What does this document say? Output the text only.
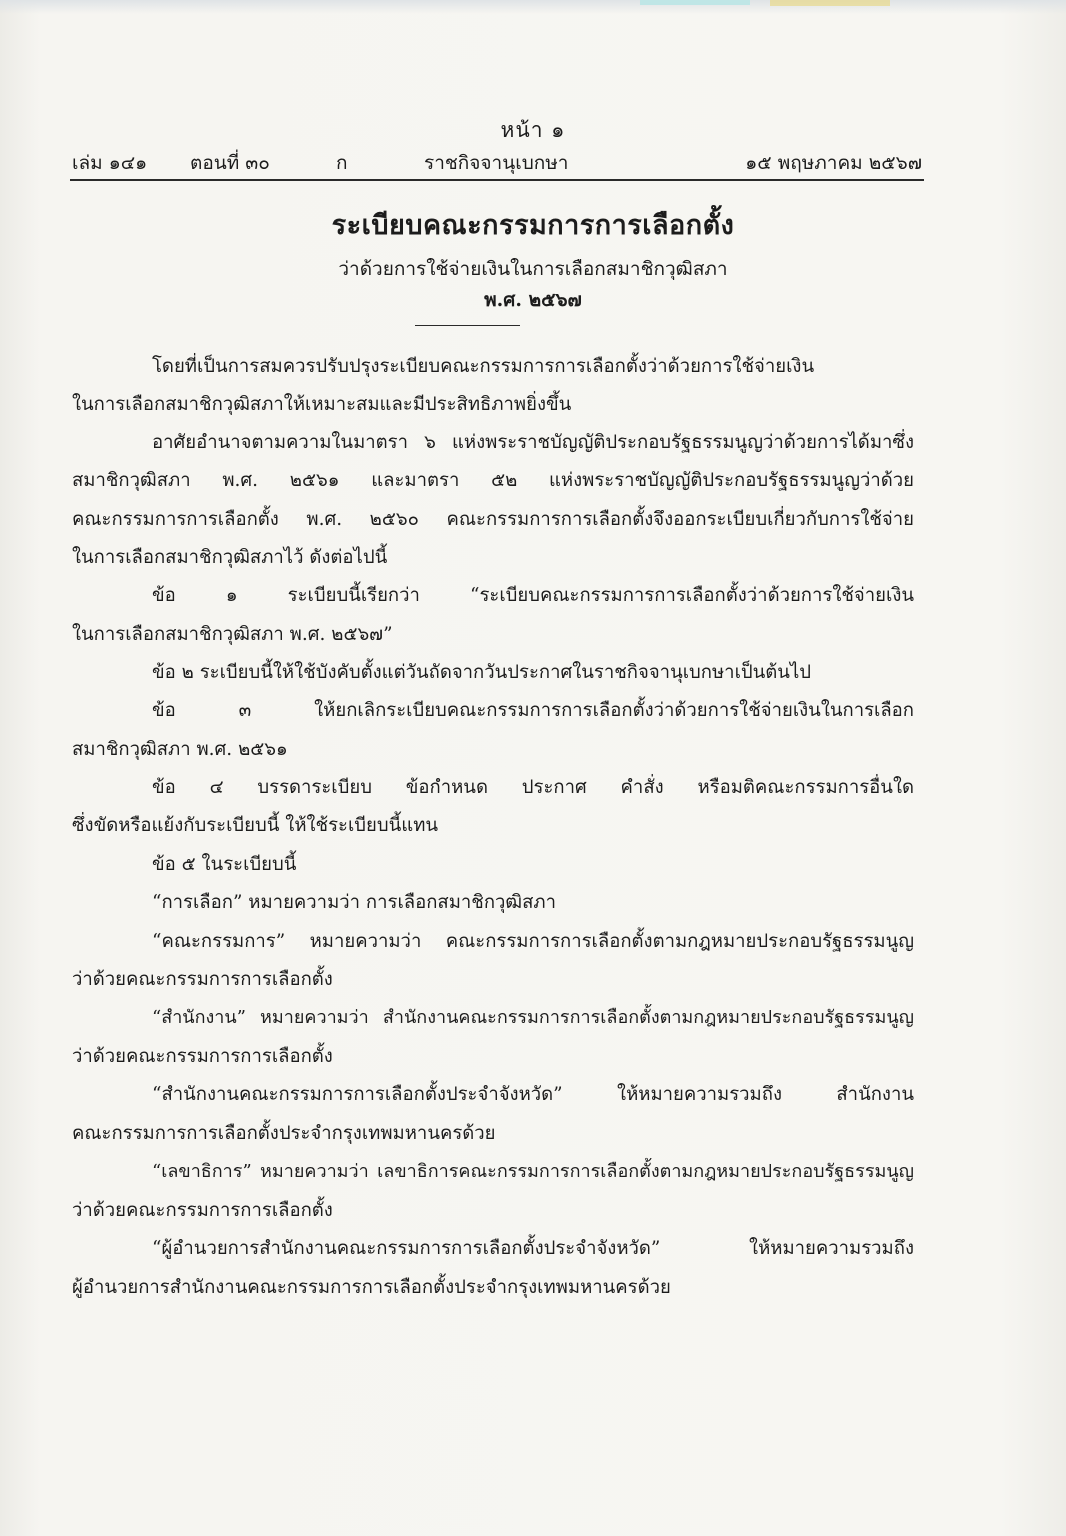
หน้า ๑
เล่ม ๑๔๑ ตอนที่ ๓๐	ก	ราชกิจจานุเบกษา	๑๕ พฤษภาคม ๒๕๖๗
ระเบียบคณะกรรมการการเลือกตั้ง
ว่าด้วยการใช้จ่ายเงินในการเลือกสมาชิกวุฒิสภา
พ.ศ. ๒๕๖๗
โดยที่เป็นการสมควรปรับปรุงระเบียบคณะกรรมการการเลือกตั้งว่าด้วยการใช้จ่ายเงิน
ในการเลือกสมาชิกวุฒิสภาให้เหมาะสมและมีประสิทธิภาพยิ่งขึ้น
อาศัยอำนาจตามความในมาตรา ๖ แห่งพระราชบัญญัติประกอบรัฐธรรมนูญว่าด้วยการได้มาซึ่ง
สมาชิกวุฒิสภา พ.ศ. ๒๕๖๑ และมาตรา ๕๒ แห่งพระราชบัญญัติประกอบรัฐธรรมนูญว่าด้วย
คณะกรรมการการเลือกตั้ง พ.ศ. ๒๕๖๐ คณะกรรมการการเลือกตั้งจึงออกระเบียบเกี่ยวกับการใช้จ่าย
ในการเลือกสมาชิกวุฒิสภาไว้ ดังต่อไปนี้
ข้อ ๑ ระเบียบนี้เรียกว่า “ระเบียบคณะกรรมการการเลือกตั้งว่าด้วยการใช้จ่ายเงิน
ในการเลือกสมาชิกวุฒิสภา พ.ศ. ๒๕๖๗”
ข้อ ๒ ระเบียบนี้ให้ใช้บังคับตั้งแต่วันถัดจากวันประกาศในราชกิจจานุเบกษาเป็นต้นไป
ข้อ ๓ ให้ยกเลิกระเบียบคณะกรรมการการเลือกตั้งว่าด้วยการใช้จ่ายเงินในการเลือก
สมาชิกวุฒิสภา พ.ศ. ๒๕๖๑
ข้อ ๔ บรรดาระเบียบ ข้อกำหนด ประกาศ คำสั่ง หรือมติคณะกรรมการอื่นใด
ซึ่งขัดหรือแย้งกับระเบียบนี้ ให้ใช้ระเบียบนี้แทน
ข้อ ๕ ในระเบียบนี้
“การเลือก” หมายความว่า การเลือกสมาชิกวุฒิสภา
“คณะกรรมการ” หมายความว่า คณะกรรมการการเลือกตั้งตามกฎหมายประกอบรัฐธรรมนูญ
ว่าด้วยคณะกรรมการการเลือกตั้ง
“สำนักงาน” หมายความว่า สำนักงานคณะกรรมการการเลือกตั้งตามกฎหมายประกอบรัฐธรรมนูญ
ว่าด้วยคณะกรรมการการเลือกตั้ง
“สำนักงานคณะกรรมการการเลือกตั้งประจำจังหวัด” ให้หมายความรวมถึง สำนักงาน
คณะกรรมการการเลือกตั้งประจำกรุงเทพมหานครด้วย
“เลขาธิการ” หมายความว่า เลขาธิการคณะกรรมการการเลือกตั้งตามกฎหมายประกอบรัฐธรรมนูญ
ว่าด้วยคณะกรรมการการเลือกตั้ง
“ผู้อำนวยการสำนักงานคณะกรรมการการเลือกตั้งประจำจังหวัด” ให้หมายความรวมถึง
ผู้อำนวยการสำนักงานคณะกรรมการการเลือกตั้งประจำกรุงเทพมหานครด้วย
